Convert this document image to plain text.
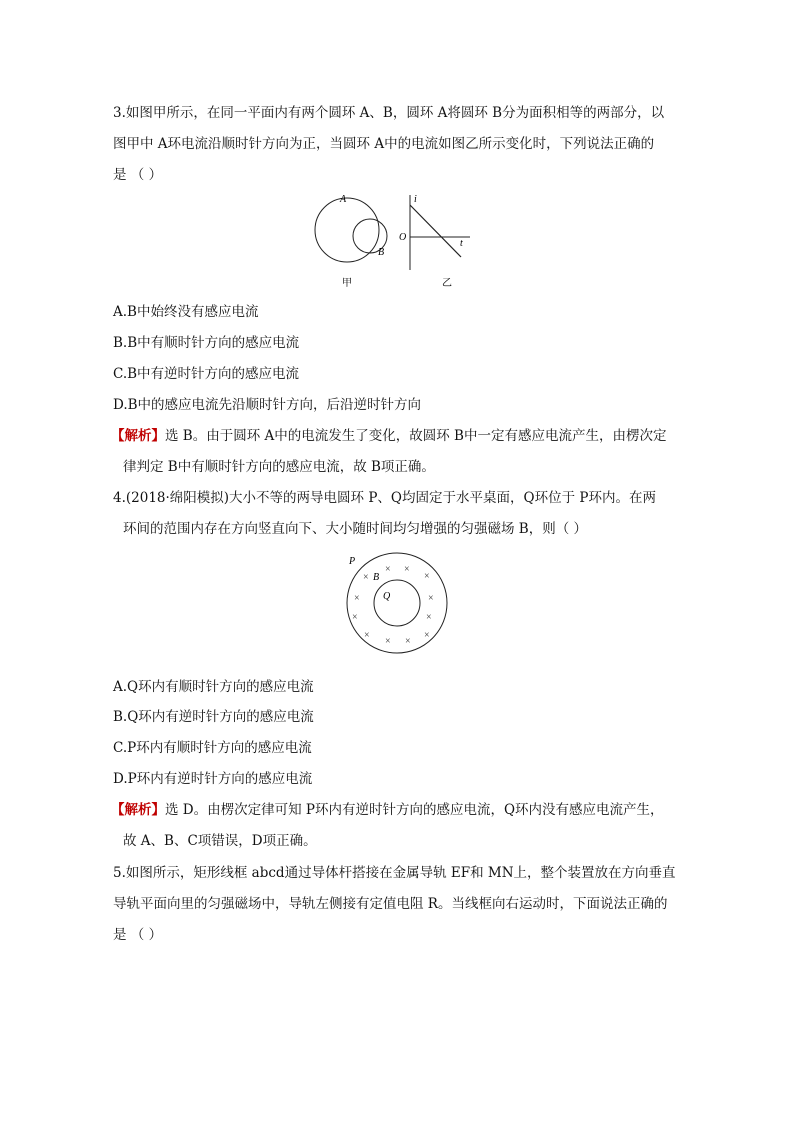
3.如图甲所示，在同一平面内有两个圆环 A、B，圆环 A将圆环 B分为面积相等的两部分，以
图甲中 A环电流沿顺时针方向为正，当圆环 A中的电流如图乙所示变化时，下列说法正确的
是 （ ）
A
B
甲
i
O
t
乙
A.B中始终没有感应电流
B.B中有顺时针方向的感应电流
C.B中有逆时针方向的感应电流
D.B中的感应电流先沿顺时针方向，后沿逆时针方向
【解析】选 B。由于圆环 A中的电流发生了变化，故圆环 B中一定有感应电流产生，由楞次定
律判定 B中有顺时针方向的感应电流，故 B项正确。
4.(2018·绵阳模拟)大小不等的两导电圆环 P、Q均固定于水平桌面，Q环位于 P环内。在两
环间的范围内存在方向竖直向下、大小随时间均匀增强的匀强磁场 B，则（ ）
P
B
Q
×
× ×
×
×	×
×	×
×
× ×
×
A.Q环内有顺时针方向的感应电流
B.Q环内有逆时针方向的感应电流
C.P环内有顺时针方向的感应电流
D.P环内有逆时针方向的感应电流
【解析】选 D。由楞次定律可知 P环内有逆时针方向的感应电流，Q环内没有感应电流产生，
故 A、B、C项错误，D项正确。
5.如图所示，矩形线框 abcd通过导体杆搭接在金属导轨 EF和 MN上，整个装置放在方向垂直
导轨平面向里的匀强磁场中，导轨左侧接有定值电阻 R。当线框向右运动时，下面说法正确的
是 （ ）
